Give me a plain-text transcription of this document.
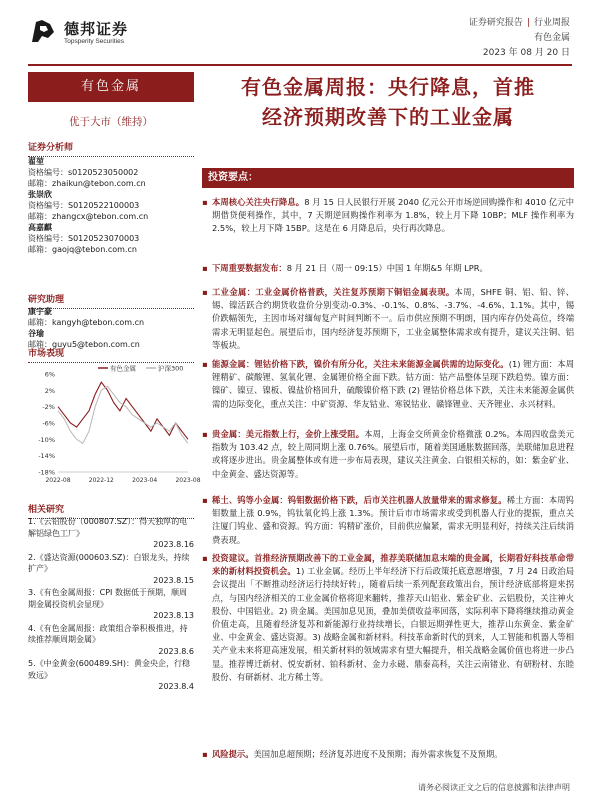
德邦证券
Topsperity Securities
证券研究报告 | 行业周报
有色金属
2023 年 08 月 20 日
有色金属
优于大市（维持）
证券分析师
翟堃
资格编号：s0120523050002
邮箱：zhaikun@tebon.com.cn
张崇欣
资格编号：S0120522100003
邮箱：zhangcx@tebon.com.cn
高嘉麒
资格编号：S0120523070003
邮箱：gaojq@tebon.com.cn
研究助理
康宇豪
邮箱：kangyh@tebon.com.cn
谷瑜
邮箱：guyu5@tebon.com.cn
市场表现
6%
2%
-2%
-6%
-10%
-14%
-18%
2022-08	2022-12	2023-04	2023-08
有色金属	沪深300
相关研究
1.《云铝股份（000807.SZ）：得天独厚的电解铝绿色工厂》
2023.8.16
2.《盛达资源(000603.SZ)：白银龙头，持续扩产》
2023.8.15
3.《有色金属周报：CPI 数据低于预期，顺周期金属投资机会显现》
2023.8.13
4.《有色金属周报：政策组合拳积极推进，持续推荐顺周期金属》
2023.8.6
5.《中金黄金(600489.SH)：黄金央企，行稳致远》
2023.8.4
有色金属周报：央行降息，首推
经济预期改善下的工业金属
投资要点：
▪ 本周核心关注央行降息。8 月 15 日人民银行开展 2040 亿元公开市场逆回购操作和 4010 亿元中期借贷便利操作，其中，7 天期逆回购操作利率为 1.8%，较上月下降 10BP；MLF 操作利率为 2.5%，较上月下降 15BP。这是在 6 月降息后，央行再次降息。
▪ 下周重要数据发布：8 月 21 日（周一 09:15）中国 1 年期&5 年期 LPR。
▪ 工业金属：工业金属价格普跌，关注复苏预期下铜铝金属表现。本周，SHFE 铜、铝、铅、锌、锡、镍活跃合约期货收盘价分别变动-0.3%、-0.1%、0.8%、-3.7%、-4.6%、1.1%。其中，锡价跌幅领先，主因市场对缅甸复产时间判断不一。后市供应预期不明朗，国内库存仍处高位，终端需求无明显起色。展望后市，国内经济复苏预期下，工业金属整体需求或有提升，建议关注铜、铝等板块。
▪ 能源金属：锂钴价格下跌，镍价有所分化，关注未来能源金属供需的边际变化。(1) 锂方面：本周锂精矿、碳酸锂、氢氧化锂、金属锂价格全面下跌。钴方面：钴产品整体呈现下跌趋势。镍方面：镍矿、镍豆、镍板、镍盐价格回升，硫酸镍价格下跌 (2) 锂钴价格总体下跌，关注未来能源金属供需的边际变化，重点关注：中矿资源、华友钴业、寒锐钴业、赣锋锂业、天齐锂业、永兴材料。
▪ 贵金属：美元指数上行，金价上涨受阻。本周，上海金交所黄金价格微涨 0.2%。本周四收盘美元指数为 103.42 点，较上周同期上涨 0.76%。展望后市，随着美国通胀数据回落，美联储加息进程或将逐步进出。贵金属整体或有进一步布局表现，建议关注黄金、白银相关标的，如：紫金矿业、中金黄金、盛达资源等。
▪ 稀土、钨等小金属：钨钼数据价格下跌，后市关注机器人放量带来的需求修复。稀土方面：本周钨钼数量上涨 0.9%，钨钛氧化钨上涨 1.3%。预计后市市场需求或受到机器人行业的提振，重点关注厦门钨业、盛和资源。钨方面：钨精矿涨价，目前供应偏紧，需求无明显利好，持续关注后续消费表现。
▪ 投资建议。首推经济预期改善下的工业金属，推荐美联储加息末端的贵金属，长期看好科技革命带来的新材料投资机会。1) 工业金属。经历上半年经济下行后政策托底意愿增强，7 月 24 日政治局会议提出「不断推动经济运行持续好转」，随着后续一系列配套政策出台，预计经济底部将迎来拐点，与国内经济相关的工业金属价格将迎来翻转，推荐天山铝业、紫金矿业、云铝股份，关注神火股份、中国铝业。2) 贵金属。美国加息见顶，叠加美债收益率回落，实际利率下降将继续推动黄金价值走高，且随着经济复苏和新能源行业持续增长，白银远期弹性更大，推荐山东黄金、紫金矿业、中金黄金、盛达资源。3) 战略金属和新材料。科技革命新时代的到来，人工智能和机器人等相关产业未来将迎高速发展，相关新材料的领域需求有望大幅提升，相关战略金属价值也将进一步凸显。推荐博迁新材、悦安新材、铂科新材、金力永磁、鼎泰高科，关注云南锗业、有研粉材、东睦股份、有研新材、北方稀土等。
▪ 风险提示。美国加息超预期；经济复苏进度不及预期；海外需求恢复不及预期。
请务必阅读正文之后的信息披露和法律声明
